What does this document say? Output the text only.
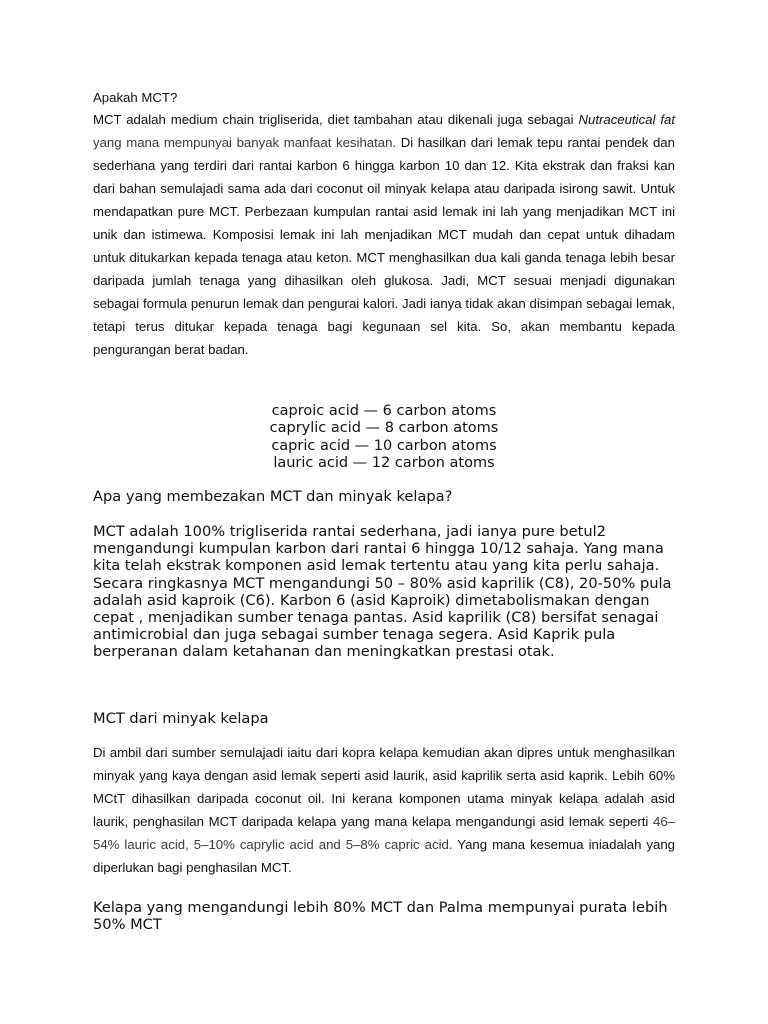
Apakah MCT?

MCT adalah medium chain trigliserida, diet tambahan atau dikenali juga sebagai Nutraceutical fat yang mana mempunyai banyak manfaat kesihatan. Di hasilkan dari lemak tepu rantai pendek dan sederhana yang terdiri dari rantai karbon 6 hingga karbon 10 dan 12. Kita ekstrak dan fraksi kan dari bahan semulajadi sama ada dari coconut oil minyak kelapa atau daripada isirong sawit. Untuk mendapatkan pure MCT. Perbezaan kumpulan rantai asid lemak ini lah yang menjadikan MCT ini unik dan istimewa. Komposisi lemak ini lah menjadikan MCT mudah dan cepat untuk dihadam untuk ditukarkan kepada tenaga atau keton. MCT menghasilkan dua kali ganda tenaga lebih besar daripada jumlah tenaga yang dihasilkan oleh glukosa. Jadi, MCT sesuai menjadi digunakan sebagai formula penurun lemak dan pengurai kalori. Jadi ianya tidak akan disimpan sebagai lemak, tetapi terus ditukar kepada tenaga bagi kegunaan sel kita. So, akan membantu kepada pengurangan berat badan.

caproic acid — 6 carbon atoms
caprylic acid — 8 carbon atoms
capric acid — 10 carbon atoms
lauric acid — 12 carbon atoms

Apa yang membezakan MCT dan minyak kelapa?

MCT adalah 100% trigliserida rantai sederhana, jadi ianya pure betul2 mengandungi kumpulan karbon dari rantai 6 hingga 10/12 sahaja. Yang mana kita telah ekstrak komponen asid lemak tertentu atau yang kita perlu sahaja.

Secara ringkasnya MCT mengandungi 50 – 80% asid kaprilik (C8), 20-50% pula adalah asid kaproik (C6). Karbon 6 (asid Kaproik) dimetabolismakan dengan cepat , menjadikan sumber tenaga pantas. Asid kaprilik (C8) bersifat senagai antimicrobial dan juga sebagai sumber tenaga segera. Asid Kaprik pula berperanan dalam ketahanan dan meningkatkan prestasi otak.

MCT dari minyak kelapa

Di ambil dari sumber semulajadi iaitu dari kopra kelapa kemudian akan dipres untuk menghasilkan minyak yang kaya dengan asid lemak seperti asid laurik, asid kaprilik serta asid kaprik. Lebih 60% MCtT dihasilkan daripada coconut oil. Ini kerana komponen utama minyak kelapa adalah asid laurik, penghasilan MCT daripada kelapa yang mana kelapa mengandungi asid lemak seperti 46–54% lauric acid, 5–10% caprylic acid and 5–8% capric acid. Yang mana kesemua iniadalah yang diperlukan bagi penghasilan MCT.

Kelapa yang mengandungi lebih 80% MCT dan Palma mempunyai purata lebih 50% MCT
